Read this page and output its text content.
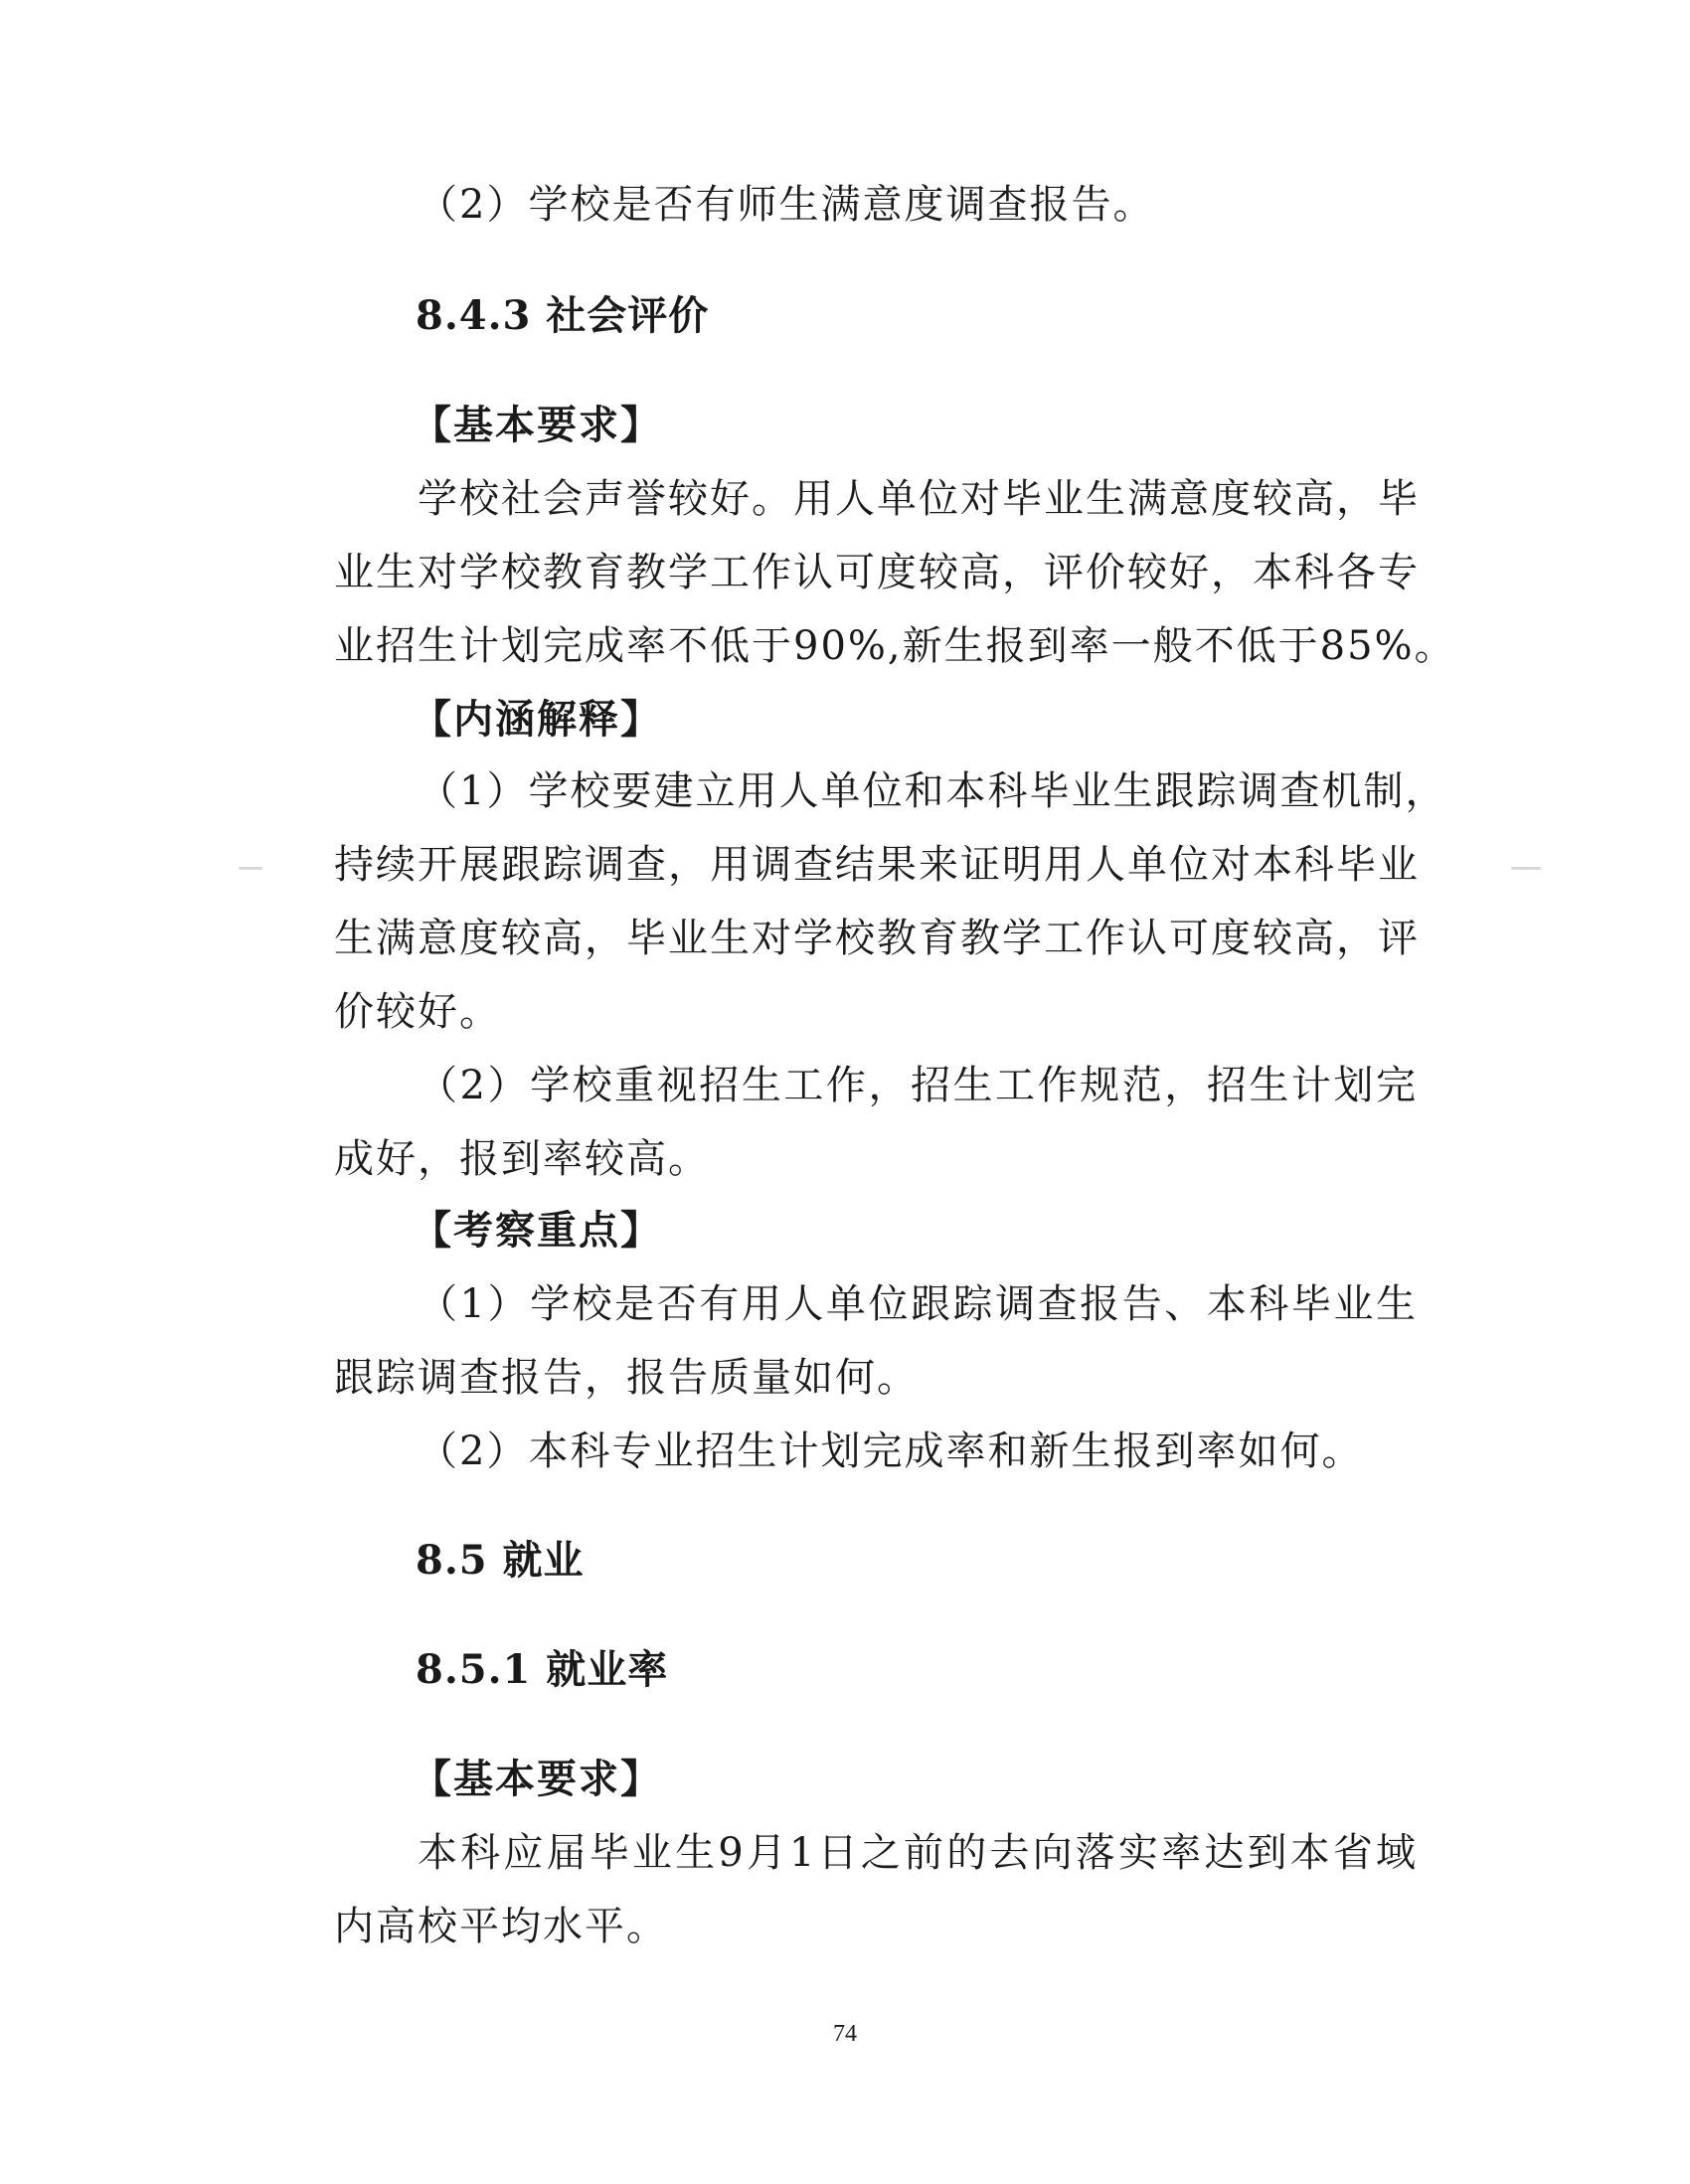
（2）学校是否有师生满意度调查报告。
8.4.3 社会评价
【基本要求】
学校社会声誉较好。用人单位对毕业生满意度较高，毕
业生对学校教育教学工作认可度较高，评价较好，本科各专
业招生计划完成率不低于90%,新生报到率一般不低于85%。
【内涵解释】
（1）学校要建立用人单位和本科毕业生跟踪调查机制，
持续开展跟踪调查，用调查结果来证明用人单位对本科毕业
生满意度较高，毕业生对学校教育教学工作认可度较高，评
价较好。
（2）学校重视招生工作，招生工作规范，招生计划完
成好，报到率较高。
【考察重点】
（1）学校是否有用人单位跟踪调查报告、本科毕业生
跟踪调查报告，报告质量如何。
（2）本科专业招生计划完成率和新生报到率如何。
8.5 就业
8.5.1 就业率
【基本要求】
本科应届毕业生9月1日之前的去向落实率达到本省域
内高校平均水平。
74
